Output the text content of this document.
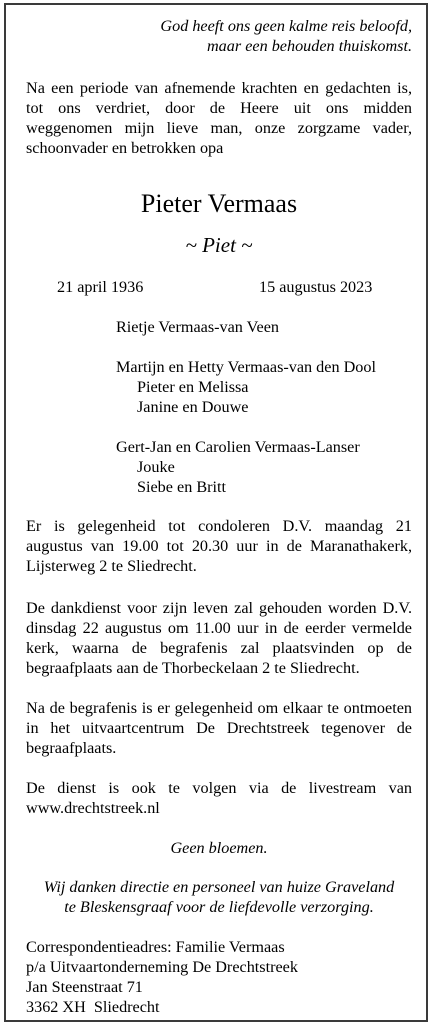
God heeft ons geen kalme reis beloofd,
maar een behouden thuiskomst.
Na een periode van afnemende krachten en gedachten is, tot ons verdriet, door de Heere uit ons midden weggenomen mijn lieve man, onze zorgzame vader, schoonvader en betrokken opa
Pieter Vermaas
~ Piet ~
21 april 1936	15 augustus 2023
Rietje Vermaas-van Veen
Martijn en Hetty Vermaas-van den Dool
Pieter en Melissa
Janine en Douwe
Gert-Jan en Carolien Vermaas-Lanser
Jouke
Siebe en Britt
Er is gelegenheid tot condoleren D.V. maandag 21 augustus van 19.00 tot 20.30 uur in de Maranathakerk, Lijsterweg 2 te Sliedrecht.
De dankdienst voor zijn leven zal gehouden worden D.V. dinsdag 22 augustus om 11.00 uur in de eerder vermelde kerk, waarna de begrafenis zal plaatsvinden op de begraafplaats aan de Thorbeckelaan 2 te Sliedrecht.
Na de begrafenis is er gelegenheid om elkaar te ontmoeten in het uitvaartcentrum De Drechtstreek tegenover de begraafplaats.
De dienst is ook te volgen via de livestream van www.drechtstreek.nl
Geen bloemen.
Wij danken directie en personeel van huize Graveland
te Bleskensgraaf voor de liefdevolle verzorging.
Correspondentieadres: Familie Vermaas
p/a Uitvaartonderneming De Drechtstreek
Jan Steenstraat 71
3362 XH  Sliedrecht
